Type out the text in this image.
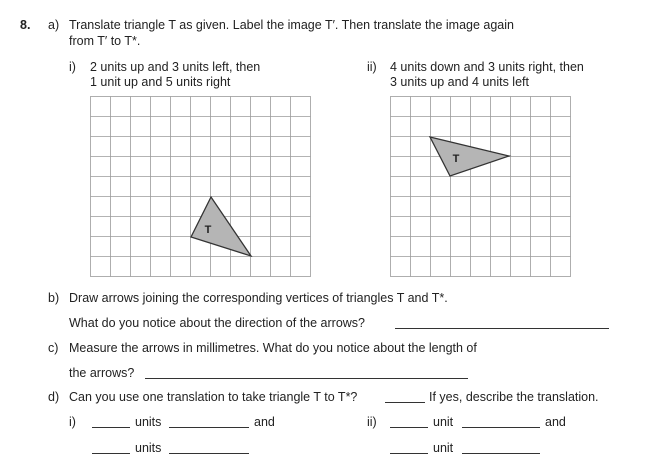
8. a) Translate triangle T as given. Label the image T′. Then translate the image again
from T′ to T*.
i) 2 units up and 3 units left, then
1 unit up and 5 units right
ii) 4 units down and 3 units right, then
3 units up and 4 units left
T
T
b) Draw arrows joining the corresponding vertices of triangles T and T*.
What do you notice about the direction of the arrows?
c) Measure the arrows in millimetres. What do you notice about the length of
the arrows?
d) Can you use one translation to take triangle T to T*?	If yes, describe the translation.
i)	units	and	ii)	unit	and
units	unit
